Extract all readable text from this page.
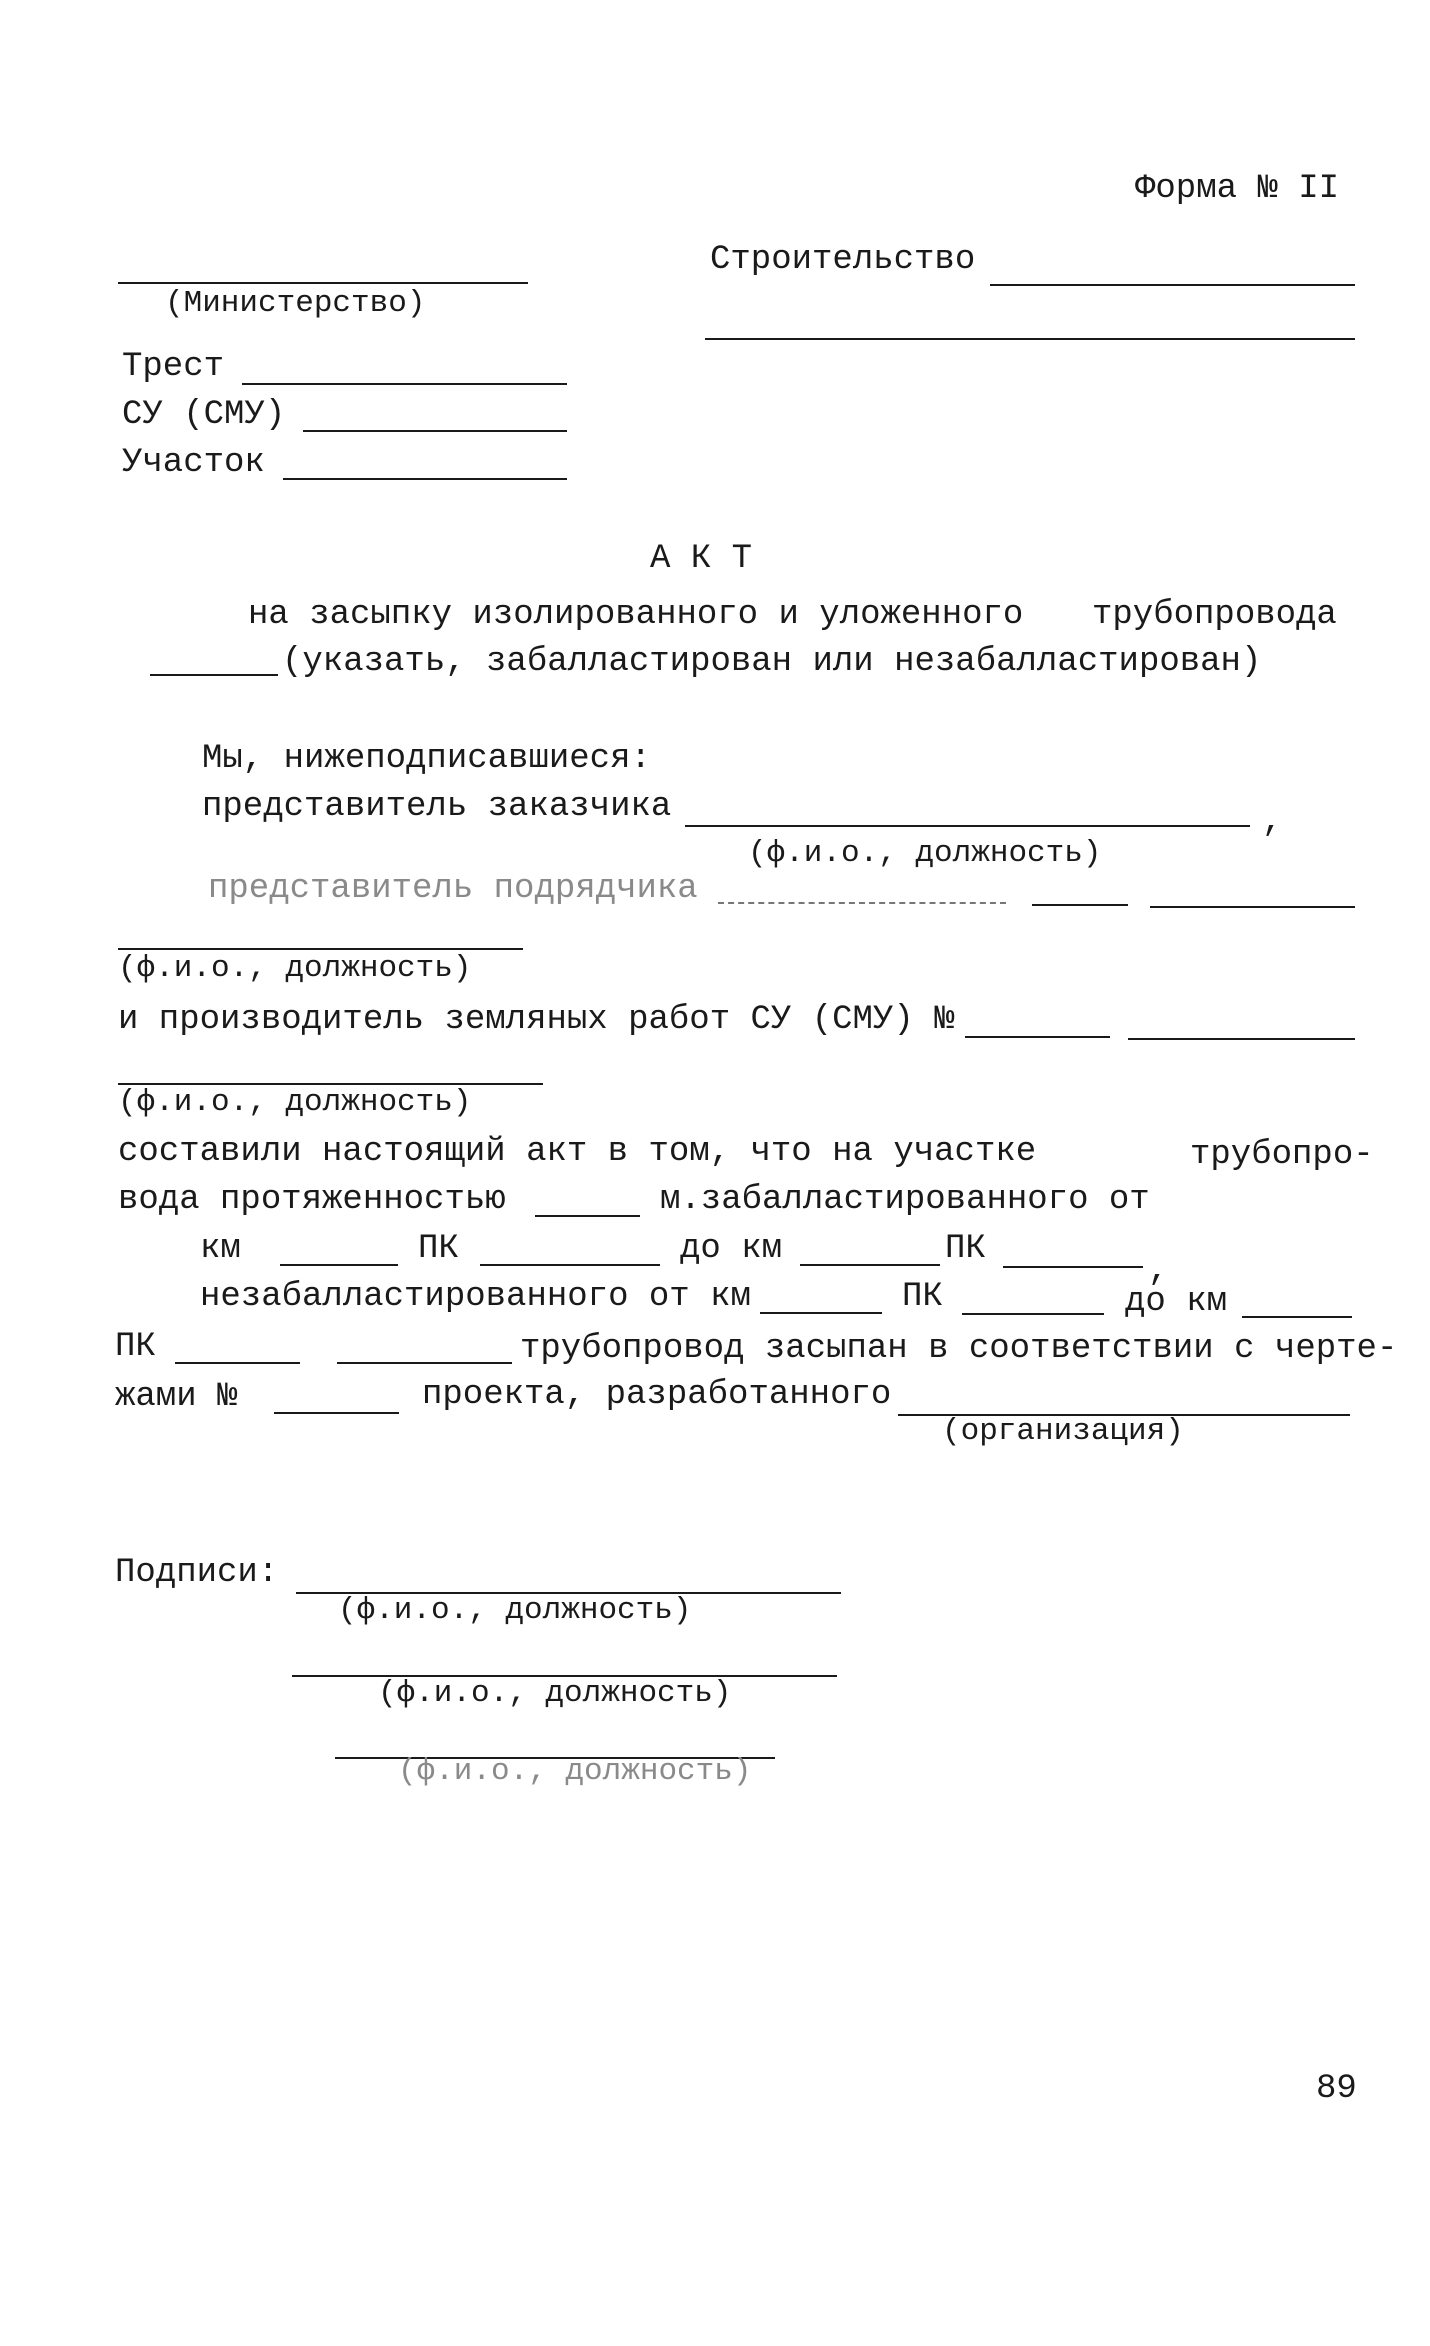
Форма № II
Строительство
(Министерство)
Трест
СУ (СМУ)
Участок
А К Т
на засыпку изолированного и уложенного трубопровода
(указать, забалластирован или незабалластирован)
Мы, нижеподписавшиеся:
представитель заказчика	,
(ф.и.о., должность)
представитель подрядчика
(ф.и.о., должность)
и производитель земляных работ СУ (СМУ) №
(ф.и.о., должность)
составили настоящий акт в том, что на участке	трубопро-
вода протяженностью	м.забалластированного от
км	ПК	до км	ПК
,
незабалластированного от км	ПК	до км
ПК	трубопровод засыпан в соответствии с черте-
жами №	проекта, разработанного
(организация)
Подписи:
(ф.и.о., должность)
(ф.и.о., должность)
(ф.и.о., должность)
89
